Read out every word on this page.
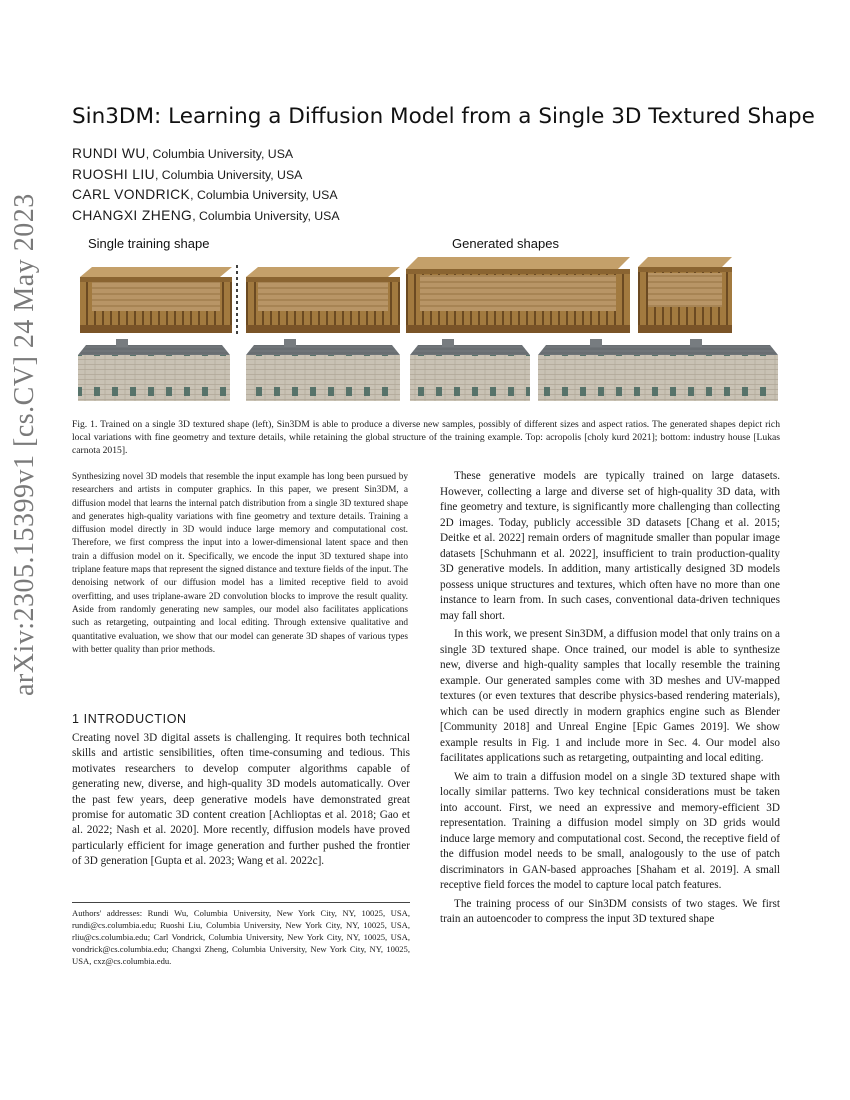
arXiv:2305.15399v1 [cs.CV] 24 May 2023
Sin3DM: Learning a Diffusion Model from a Single 3D Textured Shape
RUNDI WU, Columbia University, USA
RUOSHI LIU, Columbia University, USA
CARL VONDRICK, Columbia University, USA
CHANGXI ZHENG, Columbia University, USA
Single training shape	Generated shapes
Fig. 1. Trained on a single 3D textured shape (left), Sin3DM is able to produce a diverse new samples, possibly of different sizes and aspect ratios. The generated shapes depict rich local variations with fine geometry and texture details, while retaining the global structure of the training example. Top: acropolis [choly kurd 2021]; bottom: industry house [Lukas carnota 2015].
Synthesizing novel 3D models that resemble the input example has long been pursued by researchers and artists in computer graphics. In this paper, we present Sin3DM, a diffusion model that learns the internal patch distribution from a single 3D textured shape and generates high-quality variations with fine geometry and texture details. Training a diffusion model directly in 3D would induce large memory and computational cost. Therefore, we first compress the input into a lower-dimensional latent space and then train a diffusion model on it. Specifically, we encode the input 3D textured shape into triplane feature maps that represent the signed distance and texture fields of the input. The denoising network of our diffusion model has a limited receptive field to avoid overfitting, and uses triplane-aware 2D convolution blocks to improve the result quality. Aside from randomly generating new samples, our model also facilitates applications such as retargeting, outpainting and local editing. Through extensive qualitative and quantitative evaluation, we show that our model can generate 3D shapes of various types with better quality than prior methods.
1 INTRODUCTION
Creating novel 3D digital assets is challenging. It requires both technical skills and artistic sensibilities, often time-consuming and tedious. This motivates researchers to develop computer algorithms capable of generating new, diverse, and high-quality 3D models automatically. Over the past few years, deep generative models have demonstrated great promise for automatic 3D content creation [Achlioptas et al. 2018; Gao et al. 2022; Nash et al. 2020]. More recently, diffusion models have proved particularly efficient for image generation and further pushed the frontier of 3D generation [Gupta et al. 2023; Wang et al. 2022c].
Authors' addresses: Rundi Wu, Columbia University, New York City, NY, 10025, USA, rundi@cs.columbia.edu; Ruoshi Liu, Columbia University, New York City, NY, 10025, USA, rliu@cs.columbia.edu; Carl Vondrick, Columbia University, New York City, NY, 10025, USA, vondrick@cs.columbia.edu; Changxi Zheng, Columbia University, New York City, NY, 10025, USA, cxz@cs.columbia.edu.

These generative models are typically trained on large datasets. However, collecting a large and diverse set of high-quality 3D data, with fine geometry and texture, is significantly more challenging than collecting 2D images. Today, publicly accessible 3D datasets [Chang et al. 2015; Deitke et al. 2022] remain orders of magnitude smaller than popular image datasets [Schuhmann et al. 2022], insufficient to train production-quality 3D generative models. In addition, many artistically designed 3D models possess unique structures and textures, which often have no more than one instance to learn from. In such cases, conventional data-driven techniques may fall short.

In this work, we present Sin3DM, a diffusion model that only trains on a single 3D textured shape. Once trained, our model is able to synthesize new, diverse and high-quality samples that locally resemble the training example. Our generated samples come with 3D meshes and UV-mapped textures (or even textures that describe physics-based rendering materials), which can be used directly in modern graphics engine such as Blender [Community 2018] and Unreal Engine [Epic Games 2019]. We show example results in Fig. 1 and include more in Sec. 4. Our model also facilitates applications such as retargeting, outpainting and local editing.

We aim to train a diffusion model on a single 3D textured shape with locally similar patterns. Two key technical considerations must be taken into account. First, we need an expressive and memory-efficient 3D representation. Training a diffusion model simply on 3D grids would induce large memory and computational cost. Second, the receptive field of the diffusion model needs to be small, analogously to the use of patch discriminators in GAN-based approaches [Shaham et al. 2019]. A small receptive field forces the model to capture local patch features.

The training process of our Sin3DM consists of two stages. We first train an autoencoder to compress the input 3D textured shape
